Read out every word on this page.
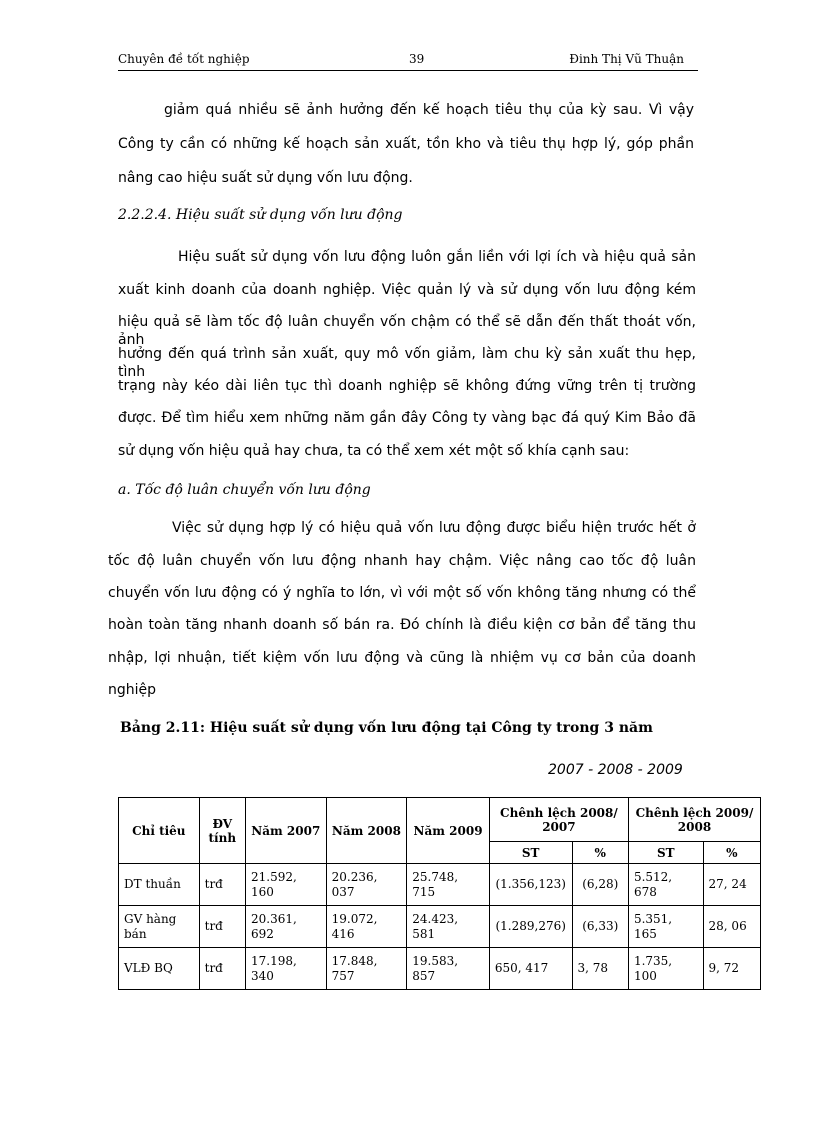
Chuyên đề tốt nghiệp	39	Đinh Thị Vũ Thuận
giảm quá nhiều sẽ ảnh hưởng đến kế hoạch tiêu thụ của kỳ sau. Vì vậy
Công ty cần có những kế hoạch sản xuất, tồn kho và tiêu thụ hợp lý, góp phần
nâng cao hiệu suất sử dụng vốn lưu động.
2.2.2.4. Hiệu suất sử dụng vốn lưu động
Hiệu suất sử dụng vốn lưu động luôn gắn liền với lợi ích và hiệu quả sản
xuất kinh doanh của doanh nghiệp. Việc quản lý và sử dụng vốn lưu động kém
hiệu quả sẽ làm tốc độ luân chuyển vốn chậm có thể sẽ dẫn đến thất thoát vốn, ảnh
hưởng đến quá trình sản xuất, quy mô vốn giảm, làm chu kỳ sản xuất thu hẹp, tình
trạng này kéo dài liên tục thì doanh nghiệp sẽ không đứng vững trên tị trường
được. Để tìm hiểu xem những năm gần đây Công ty vàng bạc đá quý Kim Bảo đã
sử dụng vốn hiệu quả hay chưa, ta có thể xem xét một số khía cạnh sau:
a. Tốc độ luân chuyển vốn lưu động
Việc sử dụng hợp lý có hiệu quả vốn lưu động được biểu hiện trước hết ở
tốc độ luân chuyển vốn lưu động nhanh hay chậm. Việc nâng cao tốc độ luân
chuyển vốn lưu động có ý nghĩa to lớn, vì với một số vốn không tăng nhưng có thể
hoàn toàn tăng nhanh doanh số bán ra. Đó chính là điều kiện cơ bản để tăng thu
nhập, lợi nhuận, tiết kiệm vốn lưu động và cũng là nhiệm vụ cơ bản của doanh
nghiệp
Bảng 2.11: Hiệu suất sử dụng vốn lưu động tại Công ty trong 3 năm
2007 - 2008 - 2009
Chỉ tiêu	ĐV tính	Năm 2007	Năm 2008	Năm 2009	Chênh lệch 2008/ 2007		Chênh lệch 2009/ 2008	
					ST	%	ST	%
DT thuần	trđ	21.592, 160	20.236, 037	25.748, 715	(1.356,123)	(6,28)	5.512, 678	27, 24
GV hàng bán	trđ	20.361, 692	19.072, 416	24.423, 581	(1.289,276)	(6,33)	5.351, 165	28, 06
VLĐ BQ	trđ	17.198, 340	17.848, 757	19.583, 857	650, 417	3, 78	1.735, 100	9, 72
